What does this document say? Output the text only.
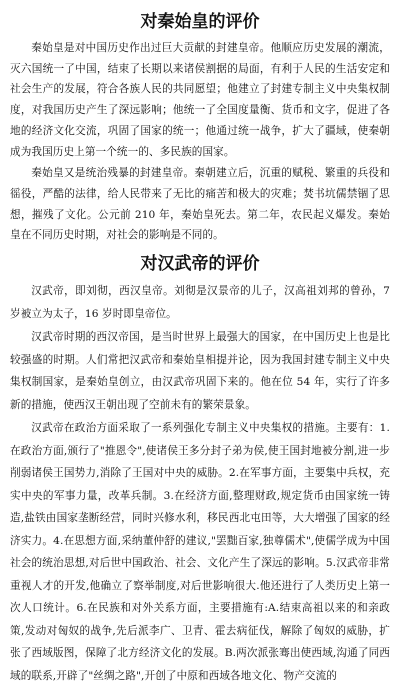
对秦始皇的评价

秦始皇是对中国历史作出过巨大贡献的封建皇帝。他顺应历史发展的潮流，灭六国统一了中国，结束了长期以来诸侯割据的局面，有利于人民的生活安定和社会生产的发展，符合各族人民的共同愿望；他建立了封建专制主义中央集权制度，对我国历史产生了深远影响；他统一了全国度量衡、货币和文字，促进了各地的经济文化交流，巩固了国家的统一；他通过统一战争，扩大了疆域，使秦朝成为我国历史上第一个统一的、多民族的国家。

秦始皇又是统治残暴的封建皇帝。秦朝建立后，沉重的赋税、繁重的兵役和徭役，严酷的法律，给人民带来了无比的痛苦和极大的灾难；焚书坑儒禁锢了思想，摧残了文化。公元前 210 年，秦始皇死去。第二年，农民起义爆发。秦始皇在不同历史时期，对社会的影响是不同的。

对汉武帝的评价

汉武帝，即刘彻，西汉皇帝。刘彻是汉景帝的儿子，汉高祖刘邦的曾孙，7 岁被立为太子，16 岁时即皇帝位。

汉武帝时期的西汉帝国，是当时世界上最强大的国家，在中国历史上也是比较强盛的时期。人们常把汉武帝和秦始皇相提并论，因为我国封建专制主义中央集权制国家，是秦始皇创立，由汉武帝巩固下来的。他在位 54 年，实行了许多新的措施，使西汉王朝出现了空前未有的繁荣景象。

汉武帝在政治方面采取了一系列强化专制主义中央集权的措施。主要有：1.在政治方面,颁行了"推恩令",使诸侯王多分封子弟为侯,使王国封地被分割,进一步削弱诸侯王国势力,消除了王国对中央的威胁。2.在军事方面，主要集中兵权，充实中央的军事力量，改革兵制。3.在经济方面,整理财政,规定货币由国家统一铸造,盐铁由国家垄断经营，同时兴修水利，移民西北屯田等，大大增强了国家的经济实力。4.在思想方面,采纳董仲舒的建议,"罢黜百家,独尊儒术",使儒学成为中国社会的统治思想,对后世中国政治、社会、文化产生了深远的影响。5.汉武帝非常重视人才的开发,他确立了察举制度,对后世影响很大.他还进行了人类历史上第一次人口统计。6.在民族和对外关系方面，主要措施有:A.结束高祖以来的和亲政策,发动对匈奴的战争,先后派李广、卫青、霍去病征伐，解除了匈奴的威胁，扩张了西域版图，保障了北方经济文化的发展。B.两次派张骞出使西域,沟通了同西域的联系,开辟了"丝绸之路",开创了中原和西域各地文化、物产交流的
